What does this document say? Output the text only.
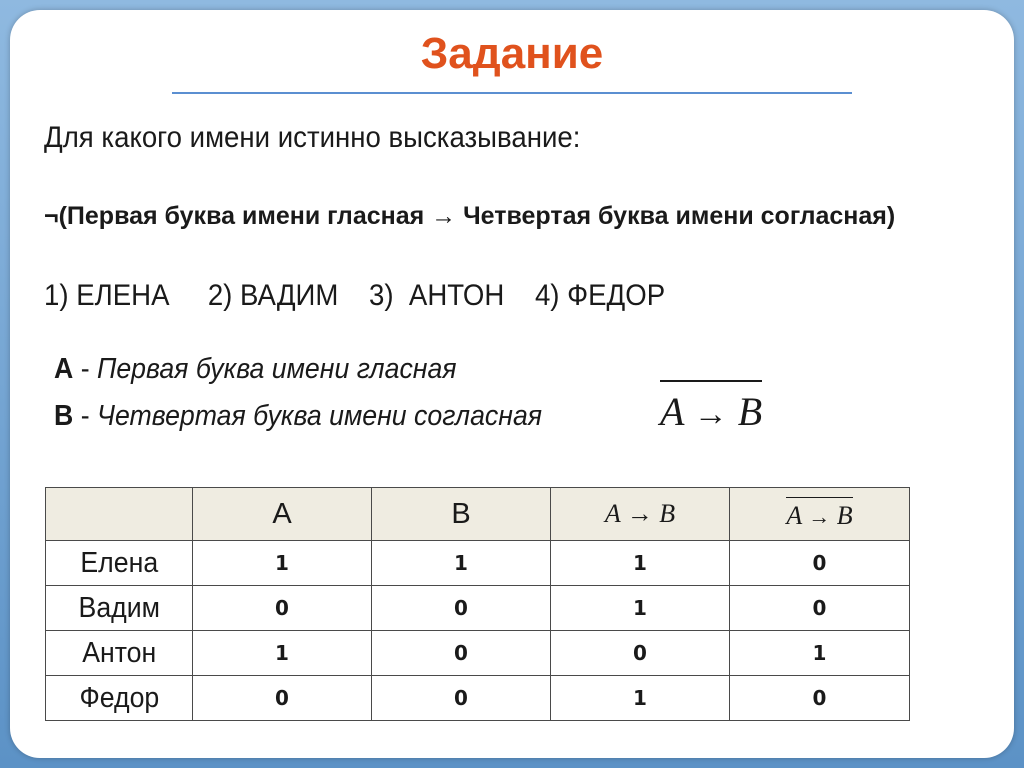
Задание
Для какого имени истинно высказывание:
¬(Первая буква имени гласная → Четвертая буква имени согласная)
1) ЕЛЕНА     2) ВАДИМ    3)  АНТОН    4) ФЕДОР
A - Первая буква имени гласная
B - Четвертая буква имени согласная	A → B
	A	B	A → B	A → B
Елена	1	1	1	0
Вадим	0	0	1	0
Антон	1	0	0	1
Федор	0	0	1	0
